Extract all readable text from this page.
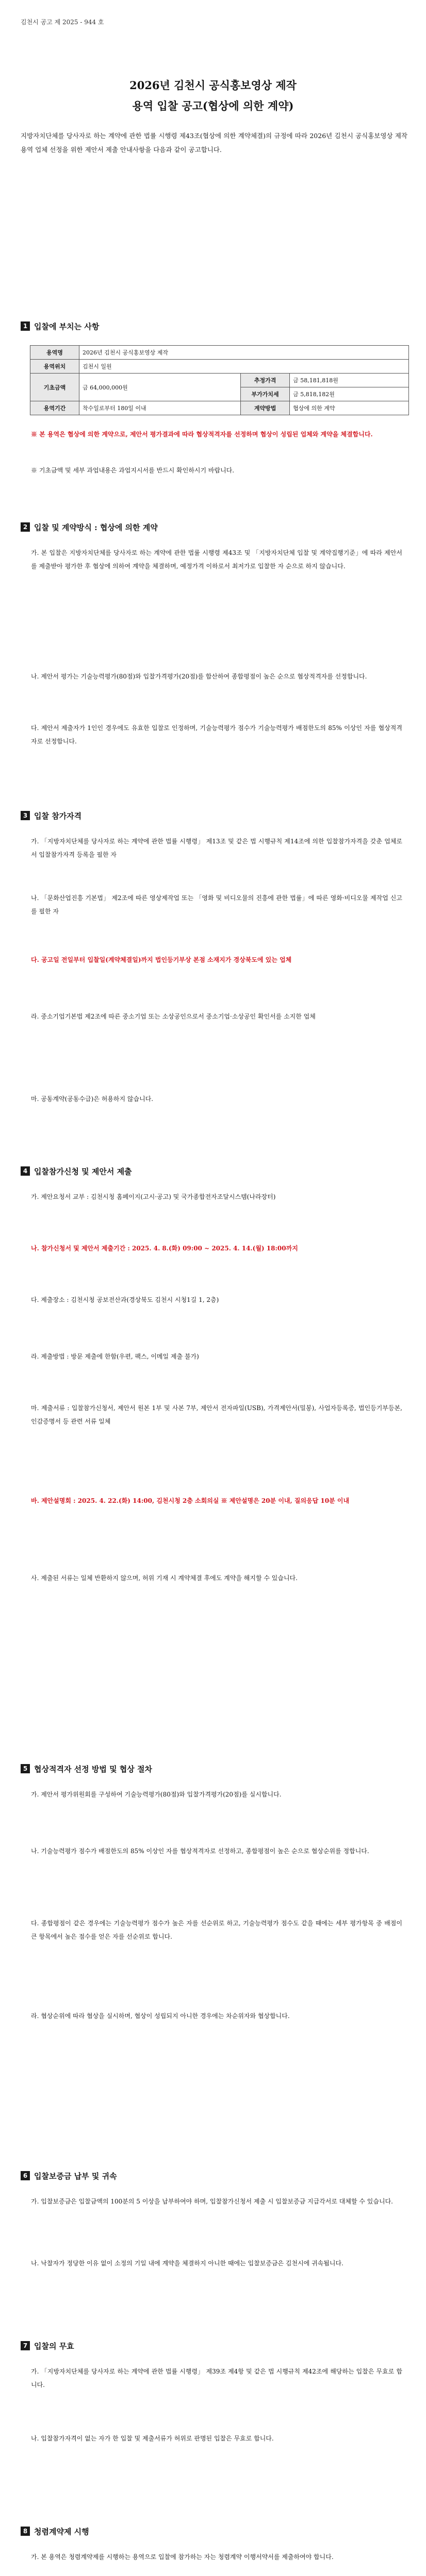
김천시 공고 제 2025 - 944 호
2026년 김천시 공식홍보영상 제작
용역 입찰 공고(협상에 의한 계약)
지방자치단체를 당사자로 하는 계약에 관한 법률 시행령 제43조(협상에 의한 계약체결)의 규정에 따라 2026년 김천시 공식홍보영상 제작 용역 업체 선정을 위한 제안서 제출 안내사항을 다음과 같이 공고합니다.
1 입찰에 부치는 사항
용역명	2026년 김천시 공식홍보영상 제작		
용역위치	김천시 일원		
기초금액	금 64,000,000원	추정가격	금 58,181,818원
		부가가치세	금 5,818,182원
용역기간	착수일로부터 180일 이내	계약방법	협상에 의한 계약
※ 본 용역은 협상에 의한 계약으로, 제안서 평가결과에 따라 협상적격자를 선정하며 협상이 성립된 업체와 계약을 체결합니다.
※ 기초금액 및 세부 과업내용은 과업지시서를 반드시 확인하시기 바랍니다.
2 입찰 및 계약방식 : 협상에 의한 계약
가. 본 입찰은 지방자치단체를 당사자로 하는 계약에 관한 법률 시행령 제43조 및 「지방자치단체 입찰 및 계약집행기준」에 따라 제안서를 제출받아 평가한 후 협상에 의하여 계약을 체결하며, 예정가격 이하로서 최저가로 입찰한 자 순으로 하지 않습니다.
나. 제안서 평가는 기술능력평가(80점)와 입찰가격평가(20점)를 합산하여 종합평점이 높은 순으로 협상적격자를 선정합니다.
다. 제안서 제출자가 1인인 경우에도 유효한 입찰로 인정하며, 기술능력평가 점수가 기술능력평가 배점한도의 85% 이상인 자를 협상적격자로 선정합니다.
3 입찰 참가자격
가. 「지방자치단체를 당사자로 하는 계약에 관한 법률 시행령」 제13조 및 같은 법 시행규칙 제14조에 의한 입찰참가자격을 갖춘 업체로서 입찰참가자격 등록을 필한 자
나. 「문화산업진흥 기본법」 제2조에 따른 영상제작업 또는 「영화 및 비디오물의 진흥에 관한 법률」에 따른 영화·비디오물 제작업 신고를 필한 자
다. 공고일 전일부터 입찰일(계약체결일)까지 법인등기부상 본점 소재지가 경상북도에 있는 업체
라. 중소기업기본법 제2조에 따른 중소기업 또는 소상공인으로서 중소기업·소상공인 확인서를 소지한 업체
마. 공동계약(공동수급)은 허용하지 않습니다.
4 입찰참가신청 및 제안서 제출
가. 제안요청서 교부 : 김천시청 홈페이지(고시·공고) 및 국가종합전자조달시스템(나라장터)
나. 참가신청서 및 제안서 제출기간 : 2025. 4. 8.(화) 09:00 ~ 2025. 4. 14.(월) 18:00까지
다. 제출장소 : 김천시청 공보전산과(경상북도 김천시 시청1길 1, 2층)
라. 제출방법 : 방문 제출에 한함(우편, 팩스, 이메일 제출 불가)
마. 제출서류 : 입찰참가신청서, 제안서 원본 1부 및 사본 7부, 제안서 전자파일(USB), 가격제안서(밀봉), 사업자등록증, 법인등기부등본, 인감증명서 등 관련 서류 일체
바. 제안설명회 : 2025. 4. 22.(화) 14:00, 김천시청 2층 소회의실 ※ 제안설명은 20분 이내, 질의응답 10분 이내
사. 제출된 서류는 일체 반환하지 않으며, 허위 기재 시 계약체결 후에도 계약을 해지할 수 있습니다.
5 협상적격자 선정 방법 및 협상 절차
가. 제안서 평가위원회를 구성하여 기술능력평가(80점)와 입찰가격평가(20점)를 실시합니다.
나. 기술능력평가 점수가 배점한도의 85% 이상인 자를 협상적격자로 선정하고, 종합평점이 높은 순으로 협상순위를 정합니다.
다. 종합평점이 같은 경우에는 기술능력평가 점수가 높은 자를 선순위로 하고, 기술능력평가 점수도 같을 때에는 세부 평가항목 중 배점이 큰 항목에서 높은 점수를 얻은 자를 선순위로 합니다.
라. 협상순위에 따라 협상을 실시하며, 협상이 성립되지 아니한 경우에는 차순위자와 협상합니다.
6 입찰보증금 납부 및 귀속
가. 입찰보증금은 입찰금액의 100분의 5 이상을 납부하여야 하며, 입찰참가신청서 제출 시 입찰보증금 지급각서로 대체할 수 있습니다.
나. 낙찰자가 정당한 이유 없이 소정의 기일 내에 계약을 체결하지 아니한 때에는 입찰보증금은 김천시에 귀속됩니다.
7 입찰의 무효
가. 「지방자치단체를 당사자로 하는 계약에 관한 법률 시행령」 제39조 제4항 및 같은 법 시행규칙 제42조에 해당하는 입찰은 무효로 합니다.
나. 입찰참가자격이 없는 자가 한 입찰 및 제출서류가 허위로 판명된 입찰은 무효로 합니다.
8 청렴계약제 시행
가. 본 용역은 청렴계약제를 시행하는 용역으로 입찰에 참가하는 자는 청렴계약 이행서약서를 제출하여야 합니다.
